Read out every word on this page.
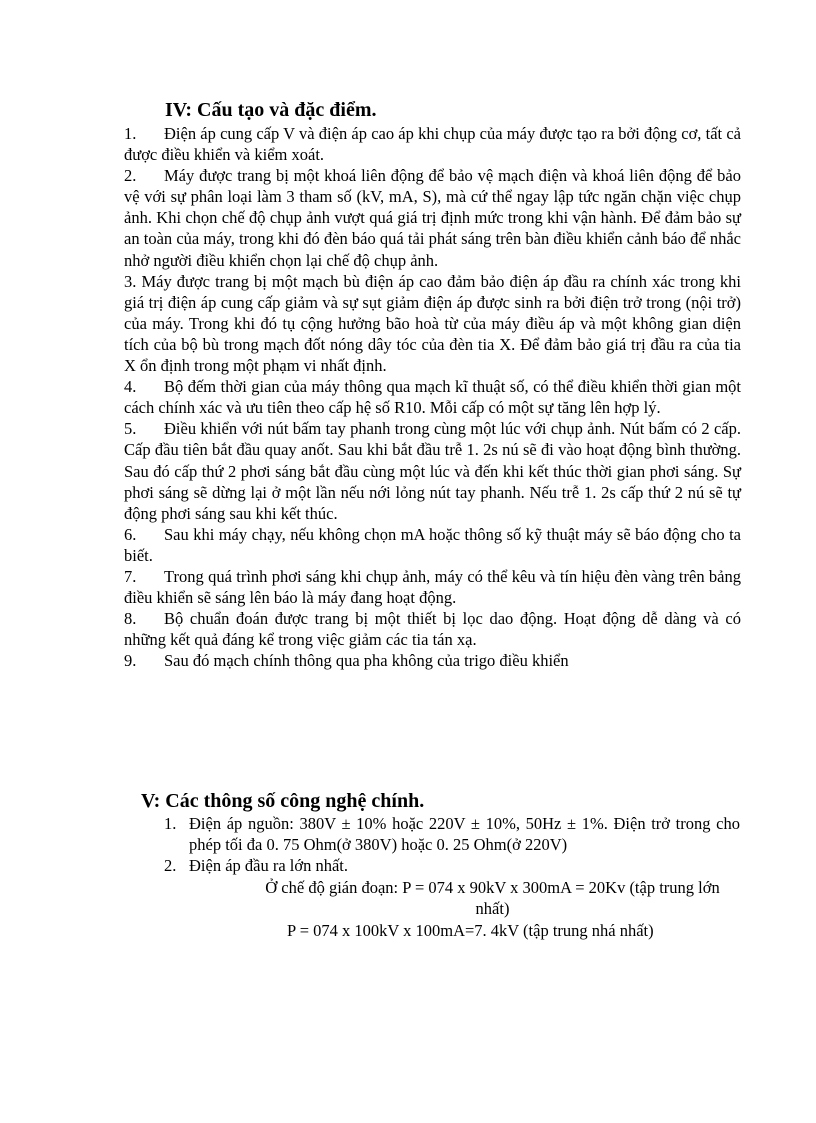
IV: Cấu tạo và đặc điểm.

1. Điện áp cung cấp V và điện áp cao áp khi chụp của máy được tạo ra bởi động cơ, tất cả được điều khiển và kiểm xoát.

2. Máy được trang bị một khoá liên động để bảo vệ mạch điện và khoá liên động để bảo vệ với sự phân loại làm 3 tham số (kV, mA, S), mà cứ thể ngay lập tức ngăn chặn việc chụp ảnh. Khi chọn chế độ chụp ảnh vượt quá giá trị định mức trong khi vận hành. Để đảm bảo sự an toàn của máy, trong khi đó đèn báo quá tải phát sáng trên bàn điều khiển cảnh báo để nhắc nhở người điều khiển chọn lại chế độ chụp ảnh.

3. Máy được trang bị một mạch bù điện áp cao đảm bảo điện áp đầu ra chính xác trong khi giá trị điện áp cung cấp giảm và sự sụt giảm điện áp được sinh ra bởi điện trở trong (nội trở) của máy. Trong khi đó tụ cộng hưởng bão hoà từ của máy điều áp và một không gian diện tích của bộ bù trong mạch đốt nóng dây tóc của đèn tia X. Để đảm bảo giá trị đầu ra của tia X ổn định trong một phạm vi nhất định.

4. Bộ đếm thời gian của máy thông qua mạch kĩ thuật số, có thể điều khiển thời gian một cách chính xác và ưu tiên theo cấp hệ số R10. Mỗi cấp có một sự tăng lên hợp lý.

5. Điều khiển với nút bấm tay phanh trong cùng một lúc với chụp ảnh. Nút bấm có 2 cấp. Cấp đầu tiên bắt đầu quay anốt. Sau khi bắt đầu trễ 1. 2s nú sẽ đi vào hoạt động bình thường. Sau đó cấp thứ 2 phơi sáng bắt đầu cùng một lúc và đến khi kết thúc thời gian phơi sáng. Sự phơi sáng sẽ dừng lại ở một lần nếu nới lỏng nút tay phanh. Nếu trễ 1. 2s cấp thứ 2 nú sẽ tự động phơi sáng sau khi kết thúc.

6. Sau khi máy chạy, nếu không chọn mA hoặc thông số kỹ thuật máy sẽ báo động cho ta biết.

7. Trong quá trình phơi sáng khi chụp ảnh, máy có thể kêu và tín hiệu đèn vàng trên bảng điều khiển sẽ sáng lên báo là máy đang hoạt động.

8. Bộ chuẩn đoán được trang bị một thiết bị lọc dao động. Hoạt động dễ dàng và có những kết quả đáng kể trong việc giảm các tia tán xạ.

9. Sau đó mạch chính thông qua pha không của trigo điều khiển

V: Các thông số công nghệ chính.
1. Điện áp nguồn: 380V ± 10% hoặc 220V ± 10%, 50Hz ± 1%. Điện trở trong cho phép tối đa 0. 75 Ohm(ở 380V) hoặc 0. 25 Ohm(ở 220V)
2. Điện áp đầu ra lớn nhất.
Ở chế độ gián đoạn: P = 074 x 90kV x 300mA = 20Kv (tập trung lớn nhất)
P = 074 x 100kV x 100mA=7. 4kV (tập trung nhá nhất)
